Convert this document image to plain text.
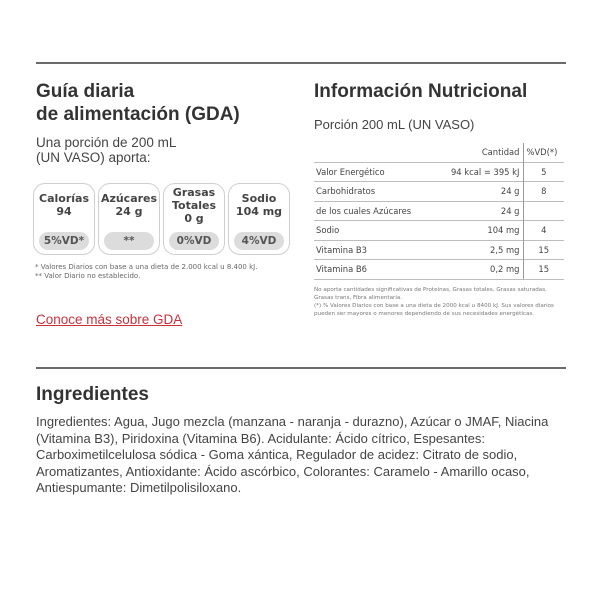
Guía diaria
de alimentación (GDA)

Una porción de 200 mL
(UN VASO) aporta:

Calorías
94
5%VD*
Azúcares
24 g
**
Grasas
Totales
0 g
0%VD
Sodio
104 mg
4%VD
* Valores Diarios con base a una dieta de 2.000 kcal u 8.400 kJ.
** Valor Diario no establecido.
Conoce más sobre GDA
Información Nutricional

Porción 200 mL (UN VASO)

	Cantidad	%VD(*)
Valor Energético	94 kcal = 395 kJ	5
Carbohidratos	24 g	8
de los cuales Azúcares	24 g	
Sodio	104 mg	4
Vitamina B3	2,5 mg	15
Vitamina B6	0,2 mg	15
No aporta cantidades significativas de Proteínas, Grasas totales, Grasas saturadas, Grasas trans, Fibra alimentaria.
(*) % Valores Diarios con base a una dieta de 2000 kcal u 8400 kJ. Sus valores diarios pueden ser mayores o menores dependiendo de sus necesidades energéticas.
Ingredientes

Ingredientes: Agua, Jugo mezcla (manzana - naranja - durazno), Azúcar o JMAF, Niacina (Vitamina B3), Piridoxina (Vitamina B6). Acidulante: Ácido cítrico, Espesantes: Carboximetilcelulosa sódica - Goma xántica, Regulador de acidez: Citrato de sodio, Aromatizantes, Antioxidante: Ácido ascórbico, Colorantes: Caramelo - Amarillo ocaso, Antiespumante: Dimetilpolisiloxano.
